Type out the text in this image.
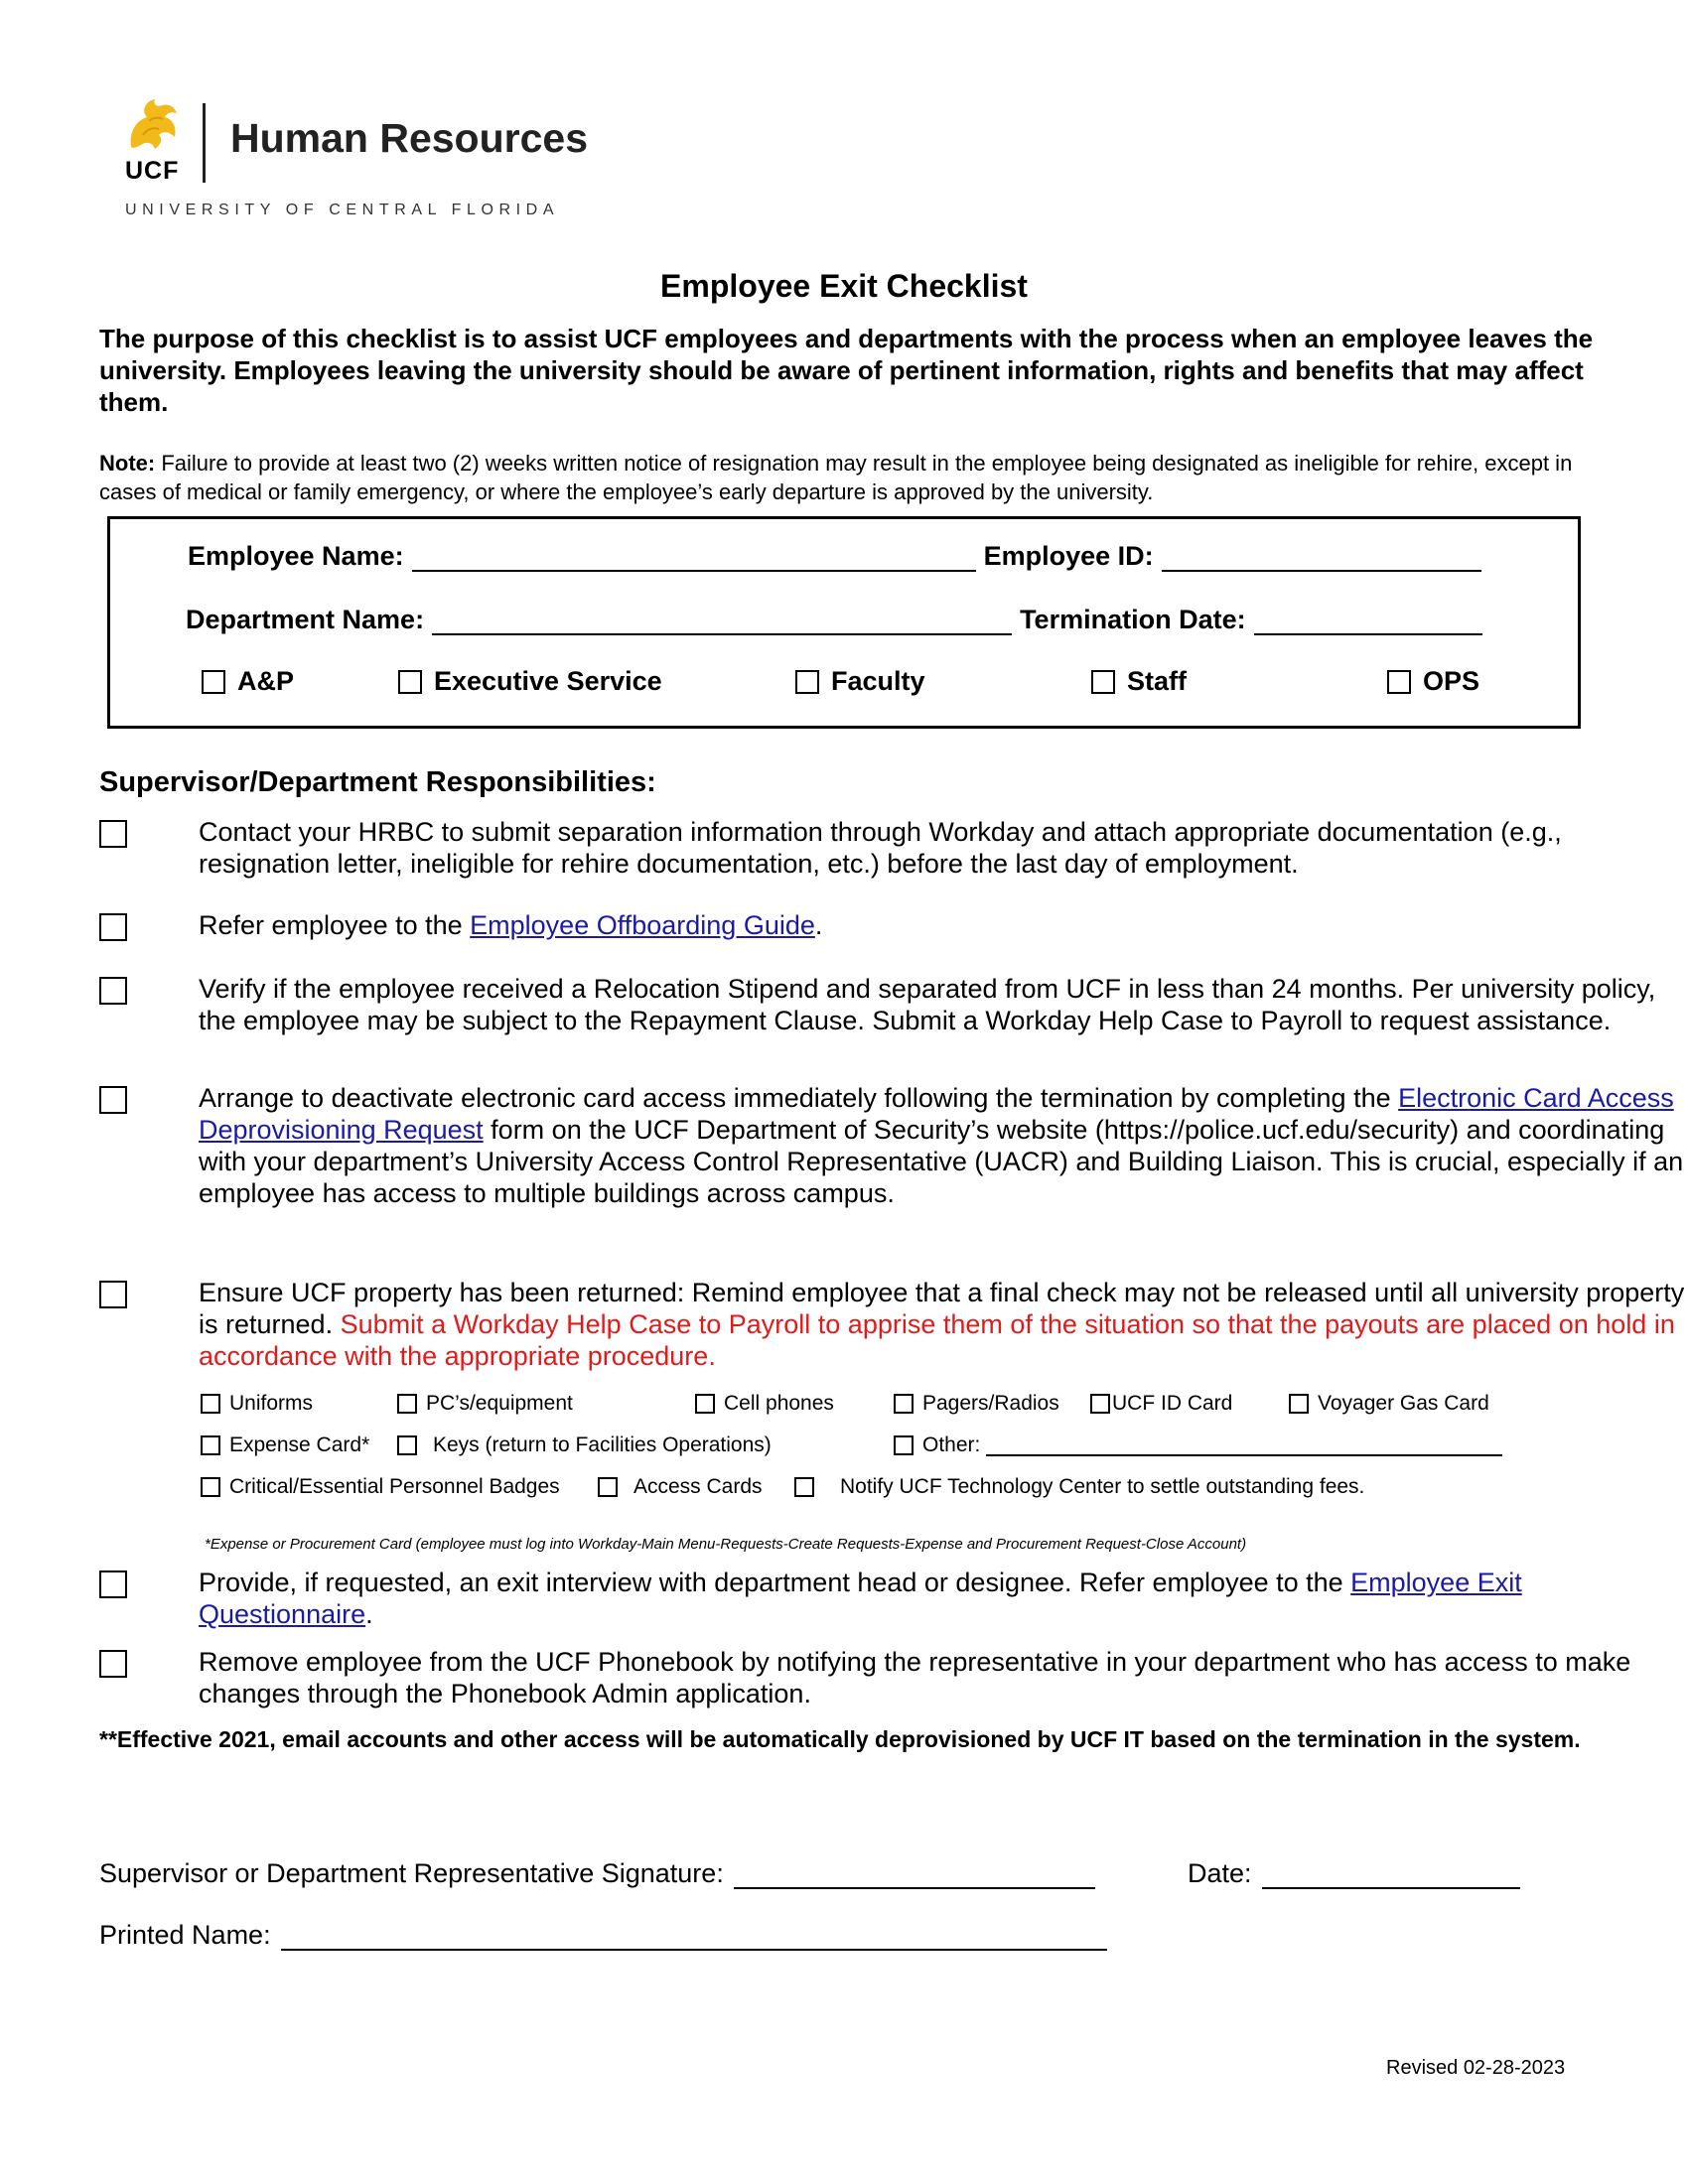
UCF
Human Resources
UNIVERSITY OF CENTRAL FLORIDA
Employee Exit Checklist
The purpose of this checklist is to assist UCF employees and departments with the process when an employee leaves the university. Employees leaving the university should be aware of pertinent information, rights and benefits that may affect them.
Note: Failure to provide at least two (2) weeks written notice of resignation may result in the employee being designated as ineligible for rehire, except in cases of medical or family emergency, or where the employee’s early departure is approved by the university.
Employee Name:	Employee ID:
Department Name:	Termination Date:
A&P	Executive Service	Faculty	Staff	OPS
Supervisor/Department Responsibilities:
Contact your HRBC to submit separation information through Workday and attach appropriate documentation (e.g., resignation letter, ineligible for rehire documentation, etc.) before the last day of employment.
Refer employee to the Employee Offboarding Guide.
Verify if the employee received a Relocation Stipend and separated from UCF in less than 24 months. Per university policy, the employee may be subject to the Repayment Clause. Submit a Workday Help Case to Payroll to request assistance.
Arrange to deactivate electronic card access immediately following the termination by completing the Electronic Card Access Deprovisioning Request form on the UCF Department of Security’s website (https://police.ucf.edu/security) and coordinating with your department’s University Access Control Representative (UACR) and Building Liaison. This is crucial, especially if an employee has access to multiple buildings across campus.
Ensure UCF property has been returned: Remind employee that a final check may not be released until all university property is returned. Submit a Workday Help Case to Payroll to apprise them of the situation so that the payouts are placed on hold in accordance with the appropriate procedure.
Uniforms	PC’s/equipment	Cell phones	Pagers/Radios	UCF ID Card	Voyager Gas Card
Expense Card*	Keys (return to Facilities Operations)	Other:
Critical/Essential Personnel Badges	Access Cards	Notify UCF Technology Center to settle outstanding fees.
*Expense or Procurement Card (employee must log into Workday-Main Menu-Requests-Create Requests-Expense and Procurement Request-Close Account)
Provide, if requested, an exit interview with department head or designee. Refer employee to the Employee Exit Questionnaire.
Remove employee from the UCF Phonebook by notifying the representative in your department who has access to make changes through the Phonebook Admin application.
**Effective 2021, email accounts and other access will be automatically deprovisioned by UCF IT based on the termination in the system.
Supervisor or Department Representative Signature:	Date:
Printed Name:
Revised 02-28-2023
